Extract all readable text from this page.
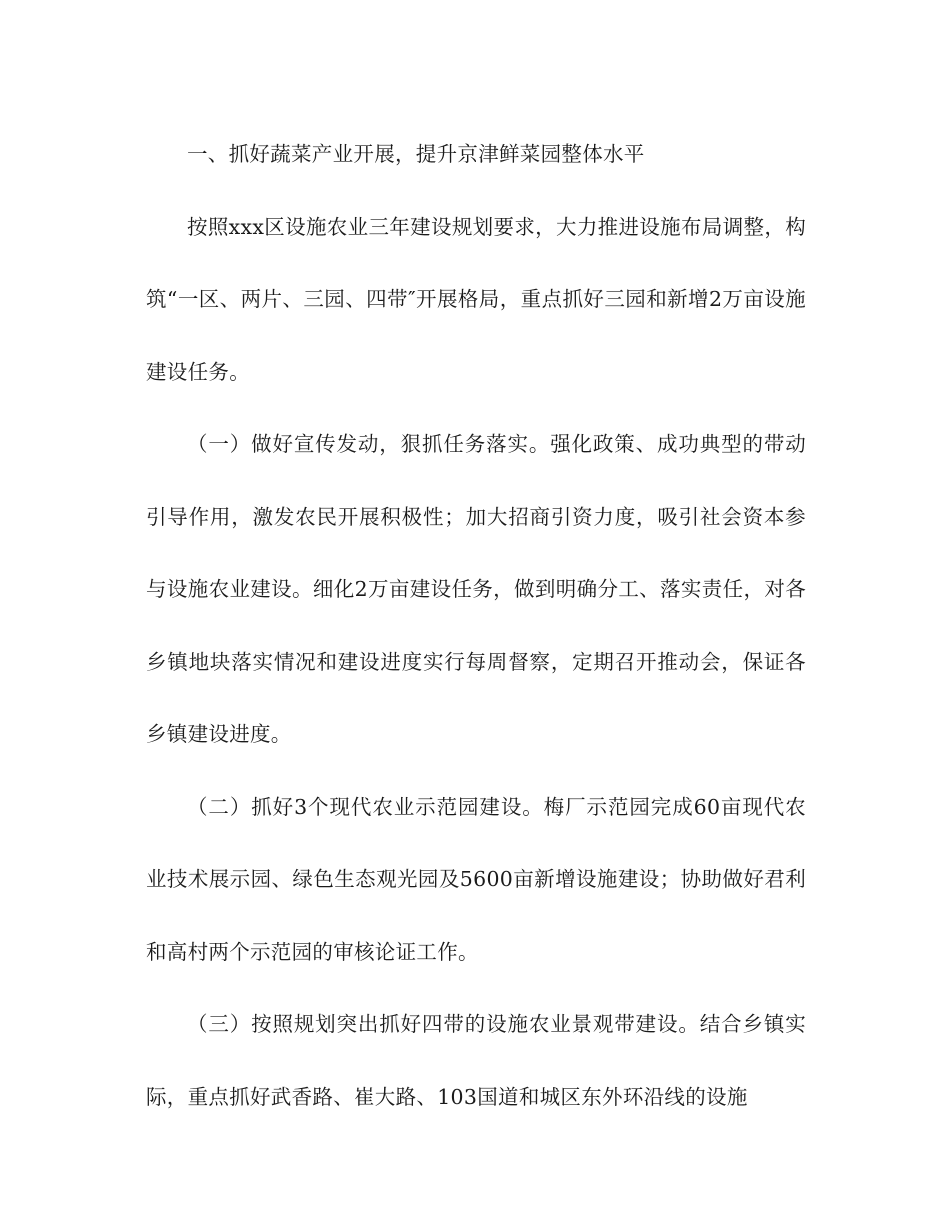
一、抓好蔬菜产业开展，提升京津鲜菜园整体水平

按照xxx区设施农业三年建设规划要求，大力推进设施布局调整，构筑“一区、两片、三园、四带″开展格局，重点抓好三园和新增2万亩设施建设任务。

（一）做好宣传发动，狠抓任务落实。强化政策、成功典型的带动引导作用，激发农民开展积极性；加大招商引资力度，吸引社会资本参与设施农业建设。细化2万亩建设任务，做到明确分工、落实责任，对各乡镇地块落实情况和建设进度实行每周督察，定期召开推动会，保证各乡镇建设进度。

（二）抓好3个现代农业示范园建设。梅厂示范园完成60亩现代农业技术展示园、绿色生态观光园及5600亩新增设施建设；协助做好君利和高村两个示范园的审核论证工作。

（三）按照规划突出抓好四带的设施农业景观带建设。结合乡镇实际，重点抓好武香路、崔大路、103国道和城区东外环沿线的设施
